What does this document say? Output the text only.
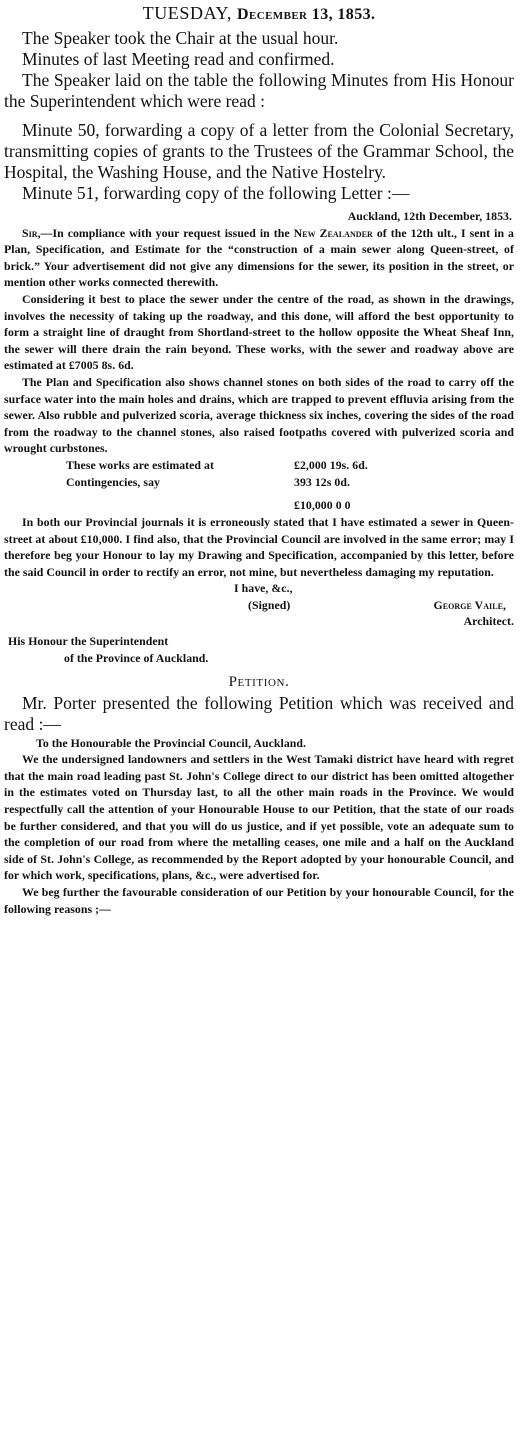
TUESDAY, December 13, 1853.

The Speaker took the Chair at the usual hour.

Minutes of last Meeting read and confirmed.

The Speaker laid on the table the following Minutes from His Honour the Superintendent which were read :

Minute 50, forwarding a copy of a letter from the Colonial Secretary, transmitting copies of grants to the Trustees of the Grammar School, the Hospital, the Washing House, and the Native Hostelry.

Minute 51, forwarding copy of the following Letter :—

Auckland, 12th December, 1853.

Sir,—In compliance with your request issued in the New Zealander of the 12th ult., I sent in a Plan, Specification, and Estimate for the “construction of a main sewer along Queen-street, of brick.” Your advertisement did not give any dimensions for the sewer, its position in the street, or mention other works connected therewith.

Considering it best to place the sewer under the centre of the road, as shown in the drawings, involves the necessity of taking up the roadway, and this done, will afford the best opportunity to form a straight line of draught from Shortland-street to the hollow opposite the Wheat Sheaf Inn, the sewer will there drain the rain beyond. These works, with the sewer and roadway above are estimated at £7005 8s. 6d.

The Plan and Specification also shows channel stones on both sides of the road to carry off the surface water into the main holes and drains, which are trapped to prevent effluvia arising from the sewer. Also rubble and pulverized scoria, average thickness six inches, covering the sides of the road from the roadway to the channel stones, also raised footpaths covered with pulverized scoria and wrought curbstones.

These works are estimated at	£2,000 19s. 6d.
Contingencies, say	393 12s 0d.
£10,000 0 0

In both our Provincial journals it is erroneously stated that I have estimated a sewer in Queen-street at about £10,000. I find also, that the Provincial Council are involved in the same error; may I therefore beg your Honour to lay my Drawing and Specification, accompanied by this letter, before the said Council in order to rectify an error, not mine, but nevertheless damaging my reputation.

I have, &c.,

(Signed)	George Vaile,

Architect.

His Honour the Superintendent

of the Province of Auckland.

Petition.

Mr. Porter presented the following Petition which was received and read :—

To the Honourable the Provincial Council, Auckland.

We the undersigned landowners and settlers in the West Tamaki district have heard with regret that the main road leading past St. John's College direct to our district has been omitted altogether in the estimates voted on Thursday last, to all the other main roads in the Province. We would respectfully call the attention of your Honourable House to our Petition, that the state of our roads be further considered, and that you will do us justice, and if yet possible, vote an adequate sum to the completion of our road from where the metalling ceases, one mile and a half on the Auckland side of St. John's College, as recommended by the Report adopted by your honourable Council, and for which work, specifications, plans, &c., were advertised for.

We beg further the favourable consideration of our Petition by your honourable Council, for the following reasons ;—
